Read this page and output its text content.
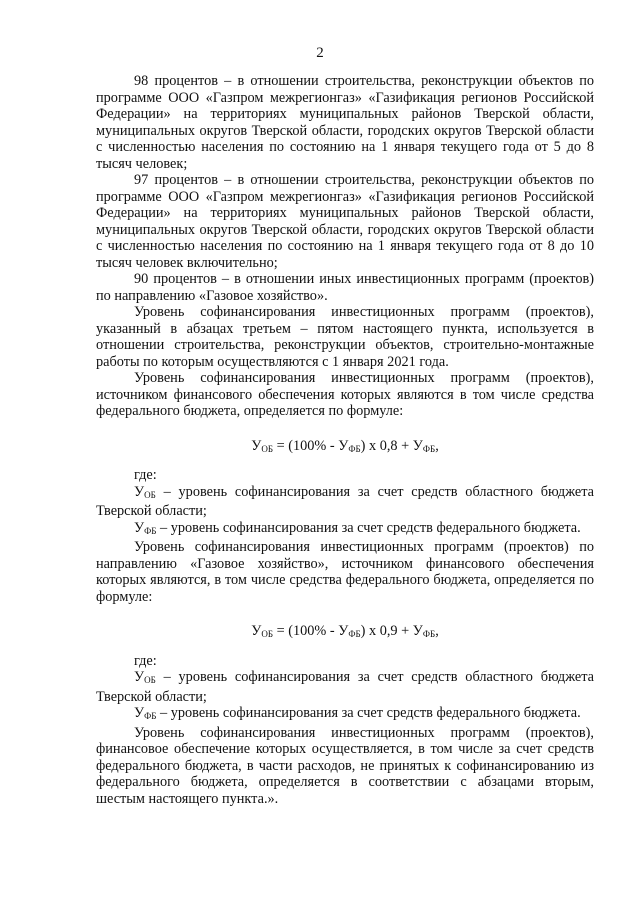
2

98 процентов – в отношении строительства, реконструкции объектов по программе ООО «Газпром межрегионгаз» «Газификация регионов Российской Федерации» на территориях муниципальных районов Тверской области, муниципальных округов Тверской области, городских округов Тверской области с численностью населения по состоянию на 1 января текущего года от 5 до 8 тысяч человек;

97 процентов – в отношении строительства, реконструкции объектов по программе ООО «Газпром межрегионгаз» «Газификация регионов Российской Федерации» на территориях муниципальных районов Тверской области, муниципальных округов Тверской области, городских округов Тверской области с численностью населения по состоянию на 1 января текущего года от 8 до 10 тысяч человек включительно;

90 процентов – в отношении иных инвестиционных программ (проектов) по направлению «Газовое хозяйство».

Уровень софинансирования инвестиционных программ (проектов), указанный в абзацах третьем – пятом настоящего пункта, используется в отношении строительства, реконструкции объектов, строительно-монтажные работы по которым осуществляются с 1 января 2021 года.

Уровень софинансирования инвестиционных программ (проектов), источником финансового обеспечения которых являются в том числе средства федерального бюджета, определяется по формуле:

$У_{ОБ} = (100\% - У_{ФБ})$ x $0,8 + У_{ФБ}$,

где:

$У_{ОБ}$ – уровень софинансирования за счет средств областного бюджета Тверской области;

$У_{ФБ}$ – уровень софинансирования за счет средств федерального бюджета.

Уровень софинансирования инвестиционных программ (проектов) по направлению «Газовое хозяйство», источником финансового обеспечения которых являются, в том числе средства федерального бюджета, определяется по формуле:

$У_{ОБ} = (100\% - У_{ФБ})$ x $0,9 + У_{ФБ}$,

где:

$У_{ОБ}$ – уровень софинансирования за счет средств областного бюджета Тверской области;

$У_{ФБ}$ – уровень софинансирования за счет средств федерального бюджета.

Уровень софинансирования инвестиционных программ (проектов), финансовое обеспечение которых осуществляется, в том числе за счет средств федерального бюджета, в части расходов, не принятых к софинансированию из федерального бюджета, определяется в соответствии с абзацами вторым, шестым настоящего пункта.».
